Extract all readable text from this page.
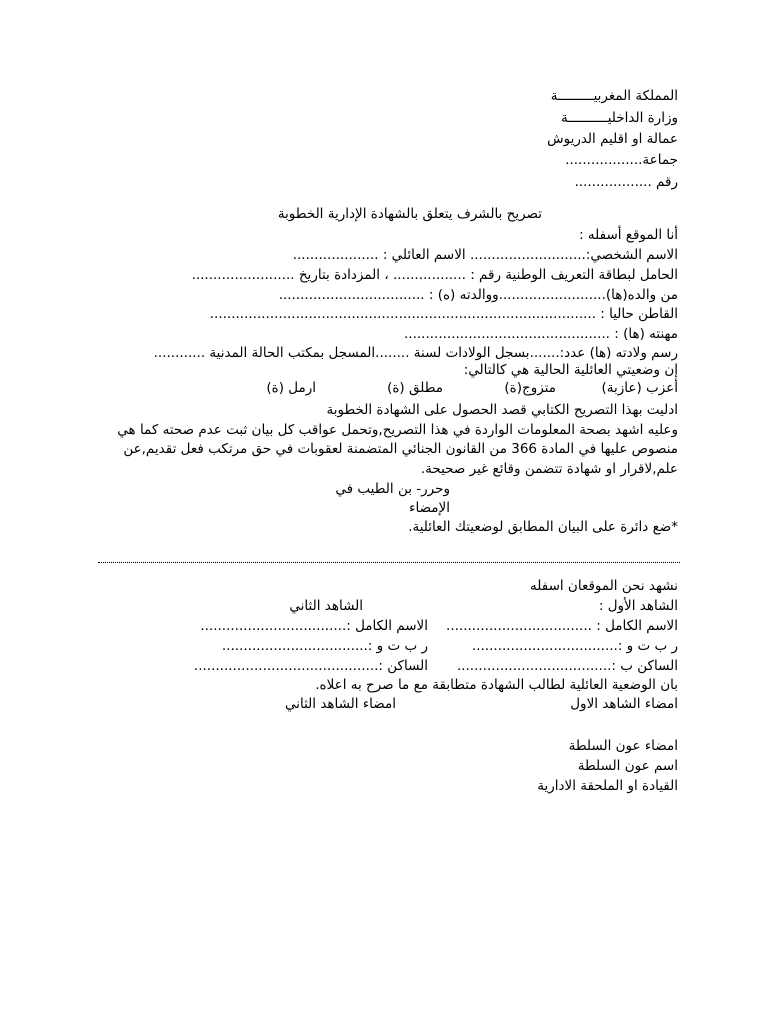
المملكة المغربيـــــــــة
وزارة الداخليــــــــــة
عمالة او اقليم الدريوش
جماعة..................
رقم ..................
تصريح بالشرف يتعلق بالشهادة الإدارية الخطوبة
أنا الموقع أسفله :
الاسم الشخصي:........................... الاسم العائلي : ....................
الحامل لبطاقة التعريف الوطنية رقم : ................. ، المزدادة بتاريخ ........................
من والده(ها).........................ووالدته (ه) : ..................................
القاطن حاليا : ..........................................................................................
مهنته (ها) : ................................................
رسم ولادته (ها) عدد:.......بسجل الولادات لسنة ........المسجل بمكتب الحالة المدنية ............
إن وضعيتي العائلية الحالية هي كالتالي:
أعزب (عازبة)
متزوج(ة)
مطلق (ة)
ارمل (ة)
ادليت بهذا التصريح الكتابي قصد الحصول على الشهادة الخطوبة
وعليه اشهد بصحة المعلومات الواردة في هذا التصريح,وتحمل عواقب كل بيان ثبت عدم صحته كما هي
منصوص عليها في المادة 366 من القانون الجنائي المتضمنة لعقوبات في حق مرتكب فعل تقديم,عن
علم,لاقرار او شهادة تتضمن وقائع غير صحيحة.
وحرر- بن الطيب في
الإمضاء
*ضع دائرة على البيان المطابق لوضعيتك العائلية.
نشهد نحن الموقعان اسفله
الشاهد الأول :
الشاهد الثاني
الاسم الكامل : ..................................
الاسم الكامل :..................................
ر ب ت و :..................................
ر ب ت و :..................................
الساكن ب :....................................
الساكن :...........................................
بان الوضعية العائلية لطالب الشهادة متطابقة مع ما صرح به اعلاه.
امضاء الشاهد الاول
امضاء الشاهد الثاني
امضاء عون السلطة
اسم عون السلطة
القيادة او الملحقة الادارية
